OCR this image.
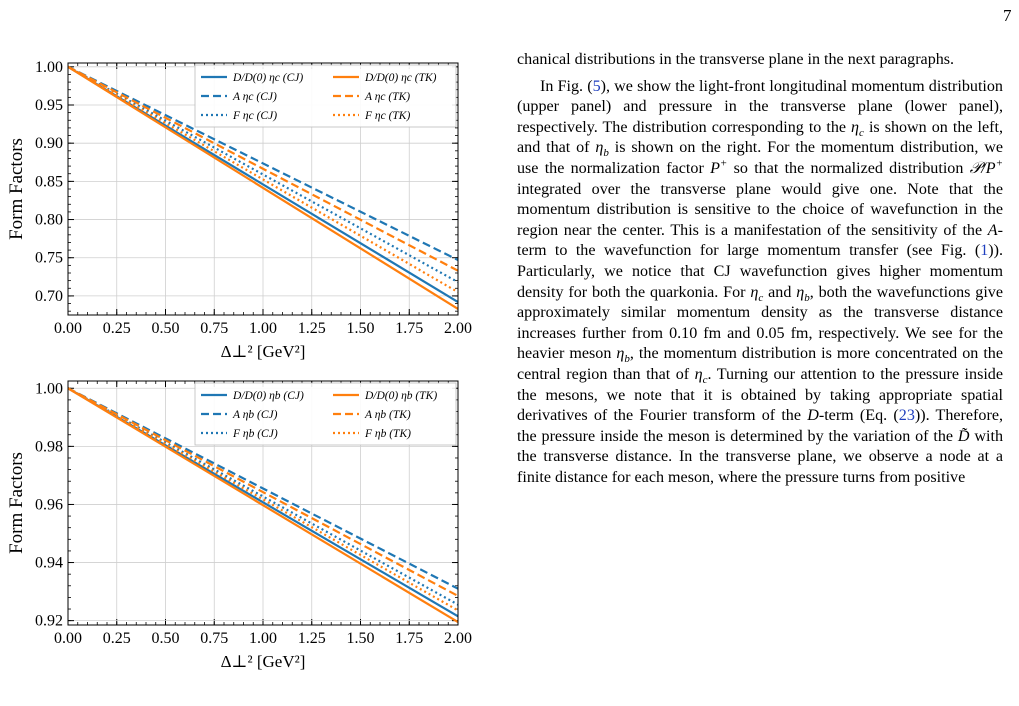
7
0.00 0.25 0.50 0.75 1.00 1.25 1.50 1.75 2.00
0.70
0.75
0.80
0.85
0.90
0.95
1.00
Form Factors
Δ⊥² [GeV²]
D/D(0) ηc (CJ)
A ηc (CJ)
F ηc (CJ)
D/D(0) ηc (TK)
A ηc (TK)
F ηc (TK)
0.00 0.25 0.50 0.75 1.00 1.25 1.50 1.75 2.00
0.92
0.94
0.96
0.98
1.00
Form Factors
Δ⊥² [GeV²]
D/D(0) ηb (CJ)
A ηb (CJ)
F ηb (CJ)
D/D(0) ηb (TK)
A ηb (TK)
F ηb (TK)

chanical distributions in the transverse plane in the next paragraphs.

In Fig. (5), we show the light-front longitudinal momentum distribution (upper panel) and pressure in the transverse plane (lower panel), respectively. The distribution corresponding to the $\eta_c$ is shown on the left, and that of $\eta_b$ is shown on the right. For the momentum distribution, we use the normalization factor P+ so that the normalized distribution 𝒫/P+ integrated over the transverse plane would give one. Note that the momentum distribution is sensitive to the choice of wavefunction in the region near the center. This is a manifestation of the sensitivity of the A-term to the wavefunction for large momentum transfer (see Fig. (1)). Particularly, we notice that CJ wavefunction gives higher momentum density for both the quarkonia. For $\eta_c$ and $\eta_b$, both the wavefunctions give approximately similar momentum density as the transverse distance increases further from 0.10 fm and 0.05 fm, respectively. We see for the heavier meson $\eta_b$, the momentum distribution is more concentrated on the central region than that of $\eta_c$. Turning our attention to the pressure inside the mesons, we note that it is obtained by taking appropriate spatial derivatives of the Fourier transform of the D-term (Eq. (23)). Therefore, the pressure inside the meson is determined by the variation of the D̃ with the transverse distance. In the transverse plane, we observe a node at a finite distance for each meson, where the pressure turns from positive
